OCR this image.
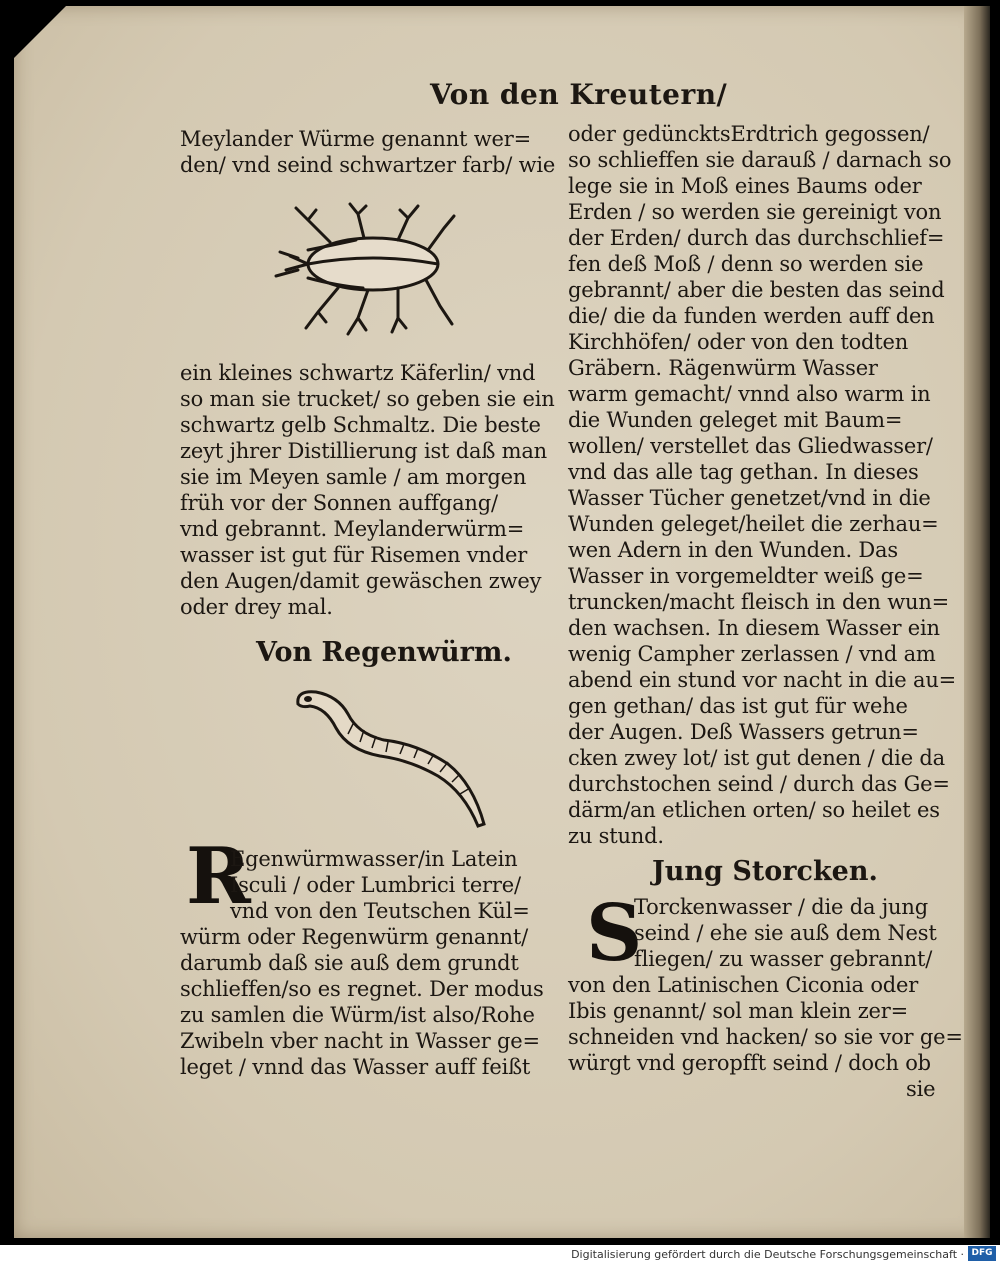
Von den Kreutern/
Meylander Würme genannt wer=
den/ vnd seind schwartzer farb/ wie
ein kleines schwartz Käferlin/ vnd
so man sie trucket/ so geben sie ein
schwartz gelb Schmaltz. Die beste
zeyt jhrer Distillierung ist daß man
sie im Meyen samle / am morgen
früh vor der Sonnen auffgang/
vnd gebrannt. Meylanderwürm=
wasser ist gut für Risemen vnder
den Augen/damit gewäschen zwey
oder drey mal.
Von Regenwürm.
R
Egenwürmwasser/in Latein
Isculi / oder Lumbrici terre/
vnd von den Teutschen Kül=
würm oder Regenwürm genannt/
darumb daß sie auß dem grundt
schlieffen/so es regnet. Der modus
zu samlen die Würm/ist also/Rohe
Zwibeln vber nacht in Wasser ge=
leget / vnnd das Wasser auff feißt
oder gedüncktsErdtrich gegossen/
so schlieffen sie darauß / darnach so
lege sie in Moß eines Baums oder
Erden / so werden sie gereinigt von
der Erden/ durch das durchschlief=
fen deß Moß / denn so werden sie
gebrannt/ aber die besten das seind
die/ die da funden werden auff den
Kirchhöfen/ oder von den todten
Gräbern. Rägenwürm Wasser
warm gemacht/ vnnd also warm in
die Wunden geleget mit Baum=
wollen/ verstellet das Gliedwasser/
vnd das alle tag gethan. In dieses
Wasser Tücher genetzet/vnd in die
Wunden geleget/heilet die zerhau=
wen Adern in den Wunden. Das
Wasser in vorgemeldter weiß ge=
truncken/macht fleisch in den wun=
den wachsen. In diesem Wasser ein
wenig Campher zerlassen / vnd am
abend ein stund vor nacht in die au=
gen gethan/ das ist gut für wehe
der Augen. Deß Wassers getrun=
cken zwey lot/ ist gut denen / die da
durchstochen seind / durch das Ge=
därm/an etlichen orten/ so heilet es
zu stund.
Jung Storcken.
S
Torckenwasser / die da jung
seind / ehe sie auß dem Nest
fliegen/ zu wasser gebrannt/
von den Latinischen Ciconia oder
Ibis genannt/ sol man klein zer=
schneiden vnd hacken/ so sie vor ge=
würgt vnd geropfft seind / doch ob
sie
Digitalisierung gefördert durch die Deutsche Forschungsgemeinschaft · DFG
